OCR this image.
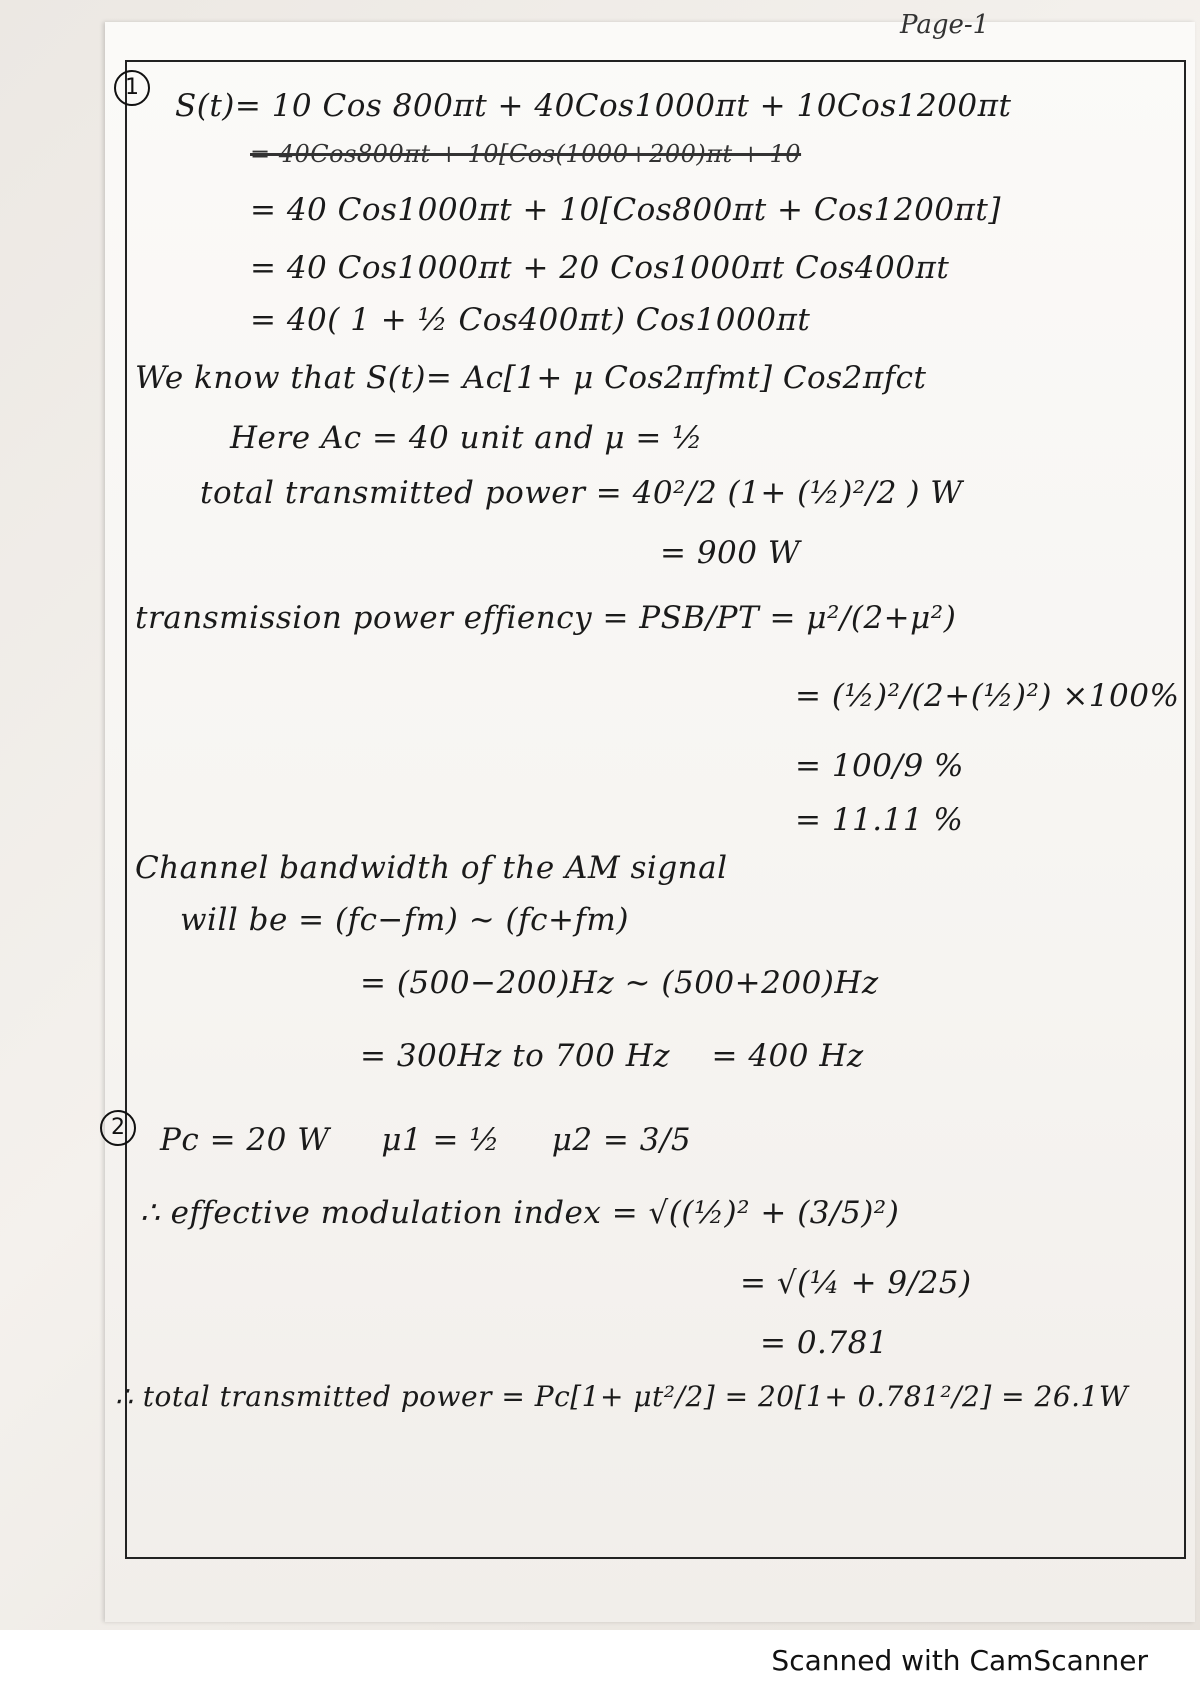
Page-1
1
S(t)= 10 Cos 800πt + 40Cos1000πt + 10Cos1200πt
= 40Cos800πt + 10[Cos(1000+200)πt + 10
= 40 Cos1000πt + 10[Cos800πt + Cos1200πt]
= 40 Cos1000πt + 20 Cos1000πt Cos400πt
= 40( 1 + ½ Cos400πt) Cos1000πt
We know that S(t)= Ac[1+ μ Cos2πfmt] Cos2πfct
Here Ac = 40 unit and μ = ½
total transmitted power = 40²/2 (1+ (½)²/2 ) W
= 900 W
transmission power effiency = PSB/PT = μ²/(2+μ²)
= (½)²/(2+(½)²) ×100%
= 100/9 %
= 11.11 %
Channel bandwidth of the AM signal
will be = (fc−fm) ~ (fc+fm)
= (500−200)Hz ~ (500+200)Hz
= 300Hz to 700 Hz    = 400 Hz
2	Pc = 20 W     μ1 = ½     μ2 = 3/5
∴ effective modulation index = √((½)² + (3/5)²)
= √(¼ + 9/25)
= 0.781
∴ total transmitted power = Pc[1+ μt²/2] = 20[1+ 0.781²/2] = 26.1W
Scanned with CamScanner
